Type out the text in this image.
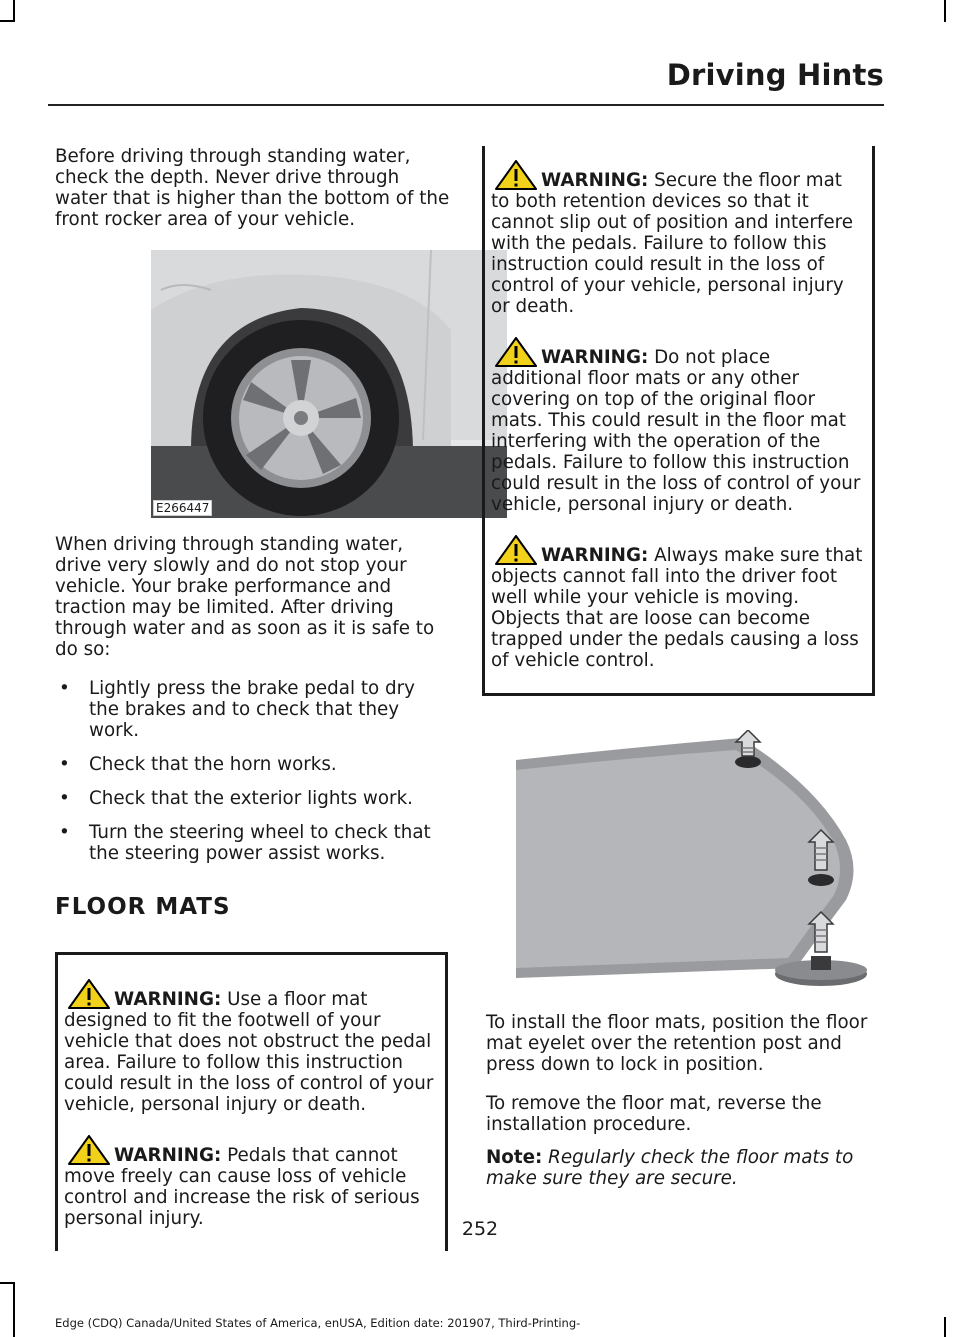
Driving Hints

Before driving through standing water, check the depth. Never drive through water that is higher than the bottom of the front rocker area of your vehicle.

E266447

When driving through standing water, drive very slowly and do not stop your vehicle. Your brake performance and traction may be limited. After driving through water and as soon as it is safe to do so:

• Lightly press the brake pedal to dry the brakes and to check that they work.
• Check that the horn works.
• Check that the exterior lights work.
• Turn the steering wheel to check that the steering power assist works.
FLOOR MATS

WARNING: Use a floor mat designed to fit the footwell of your vehicle that does not obstruct the pedal area. Failure to follow this instruction could result in the loss of control of your vehicle, personal injury or death.

WARNING: Pedals that cannot move freely can cause loss of vehicle control and increase the risk of serious personal injury.

WARNING: Secure the floor mat to both retention devices so that it cannot slip out of position and interfere with the pedals. Failure to follow this instruction could result in the loss of control of your vehicle, personal injury or death.

WARNING: Do not place additional floor mats or any other covering on top of the original floor mats. This could result in the floor mat interfering with the operation of the pedals. Failure to follow this instruction could result in the loss of control of your vehicle, personal injury or death.

WARNING: Always make sure that objects cannot fall into the driver foot well while your vehicle is moving. Objects that are loose can become trapped under the pedals causing a loss of vehicle control.

To install the floor mats, position the floor mat eyelet over the retention post and press down to lock in position.

To remove the floor mat, reverse the installation procedure.

Note: Regularly check the floor mats to make sure they are secure.

252
Edge (CDQ) Canada/United States of America, enUSA, Edition date: 201907, Third-Printing-
